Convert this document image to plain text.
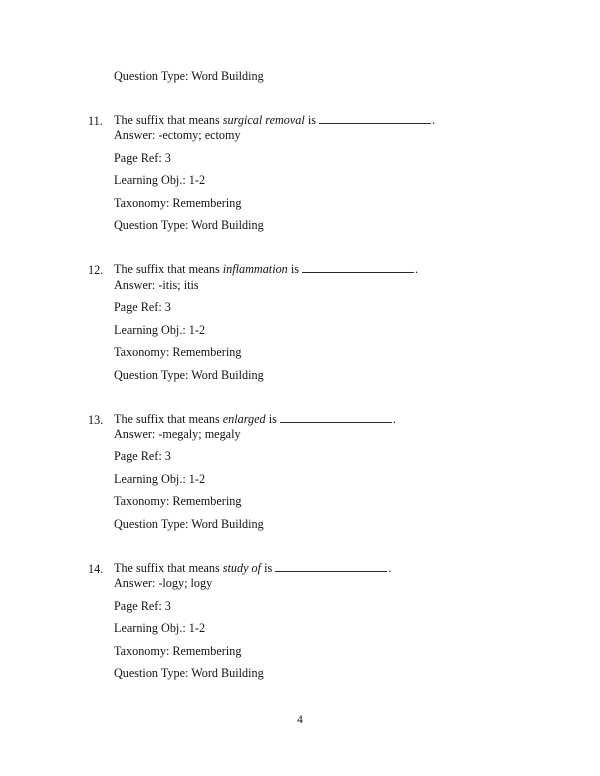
Question Type: Word Building
11. The suffix that means surgical removal is	.
Answer: -ectomy; ectomy
Page Ref: 3
Learning Obj.: 1-2
Taxonomy: Remembering
Question Type: Word Building
12. The suffix that means inflammation is	.
Answer: -itis; itis
Page Ref: 3
Learning Obj.: 1-2
Taxonomy: Remembering
Question Type: Word Building
13. The suffix that means enlarged is	.
Answer: -megaly; megaly
Page Ref: 3
Learning Obj.: 1-2
Taxonomy: Remembering
Question Type: Word Building
14. The suffix that means study of is	.
Answer: -logy; logy
Page Ref: 3
Learning Obj.: 1-2
Taxonomy: Remembering
Question Type: Word Building
4
